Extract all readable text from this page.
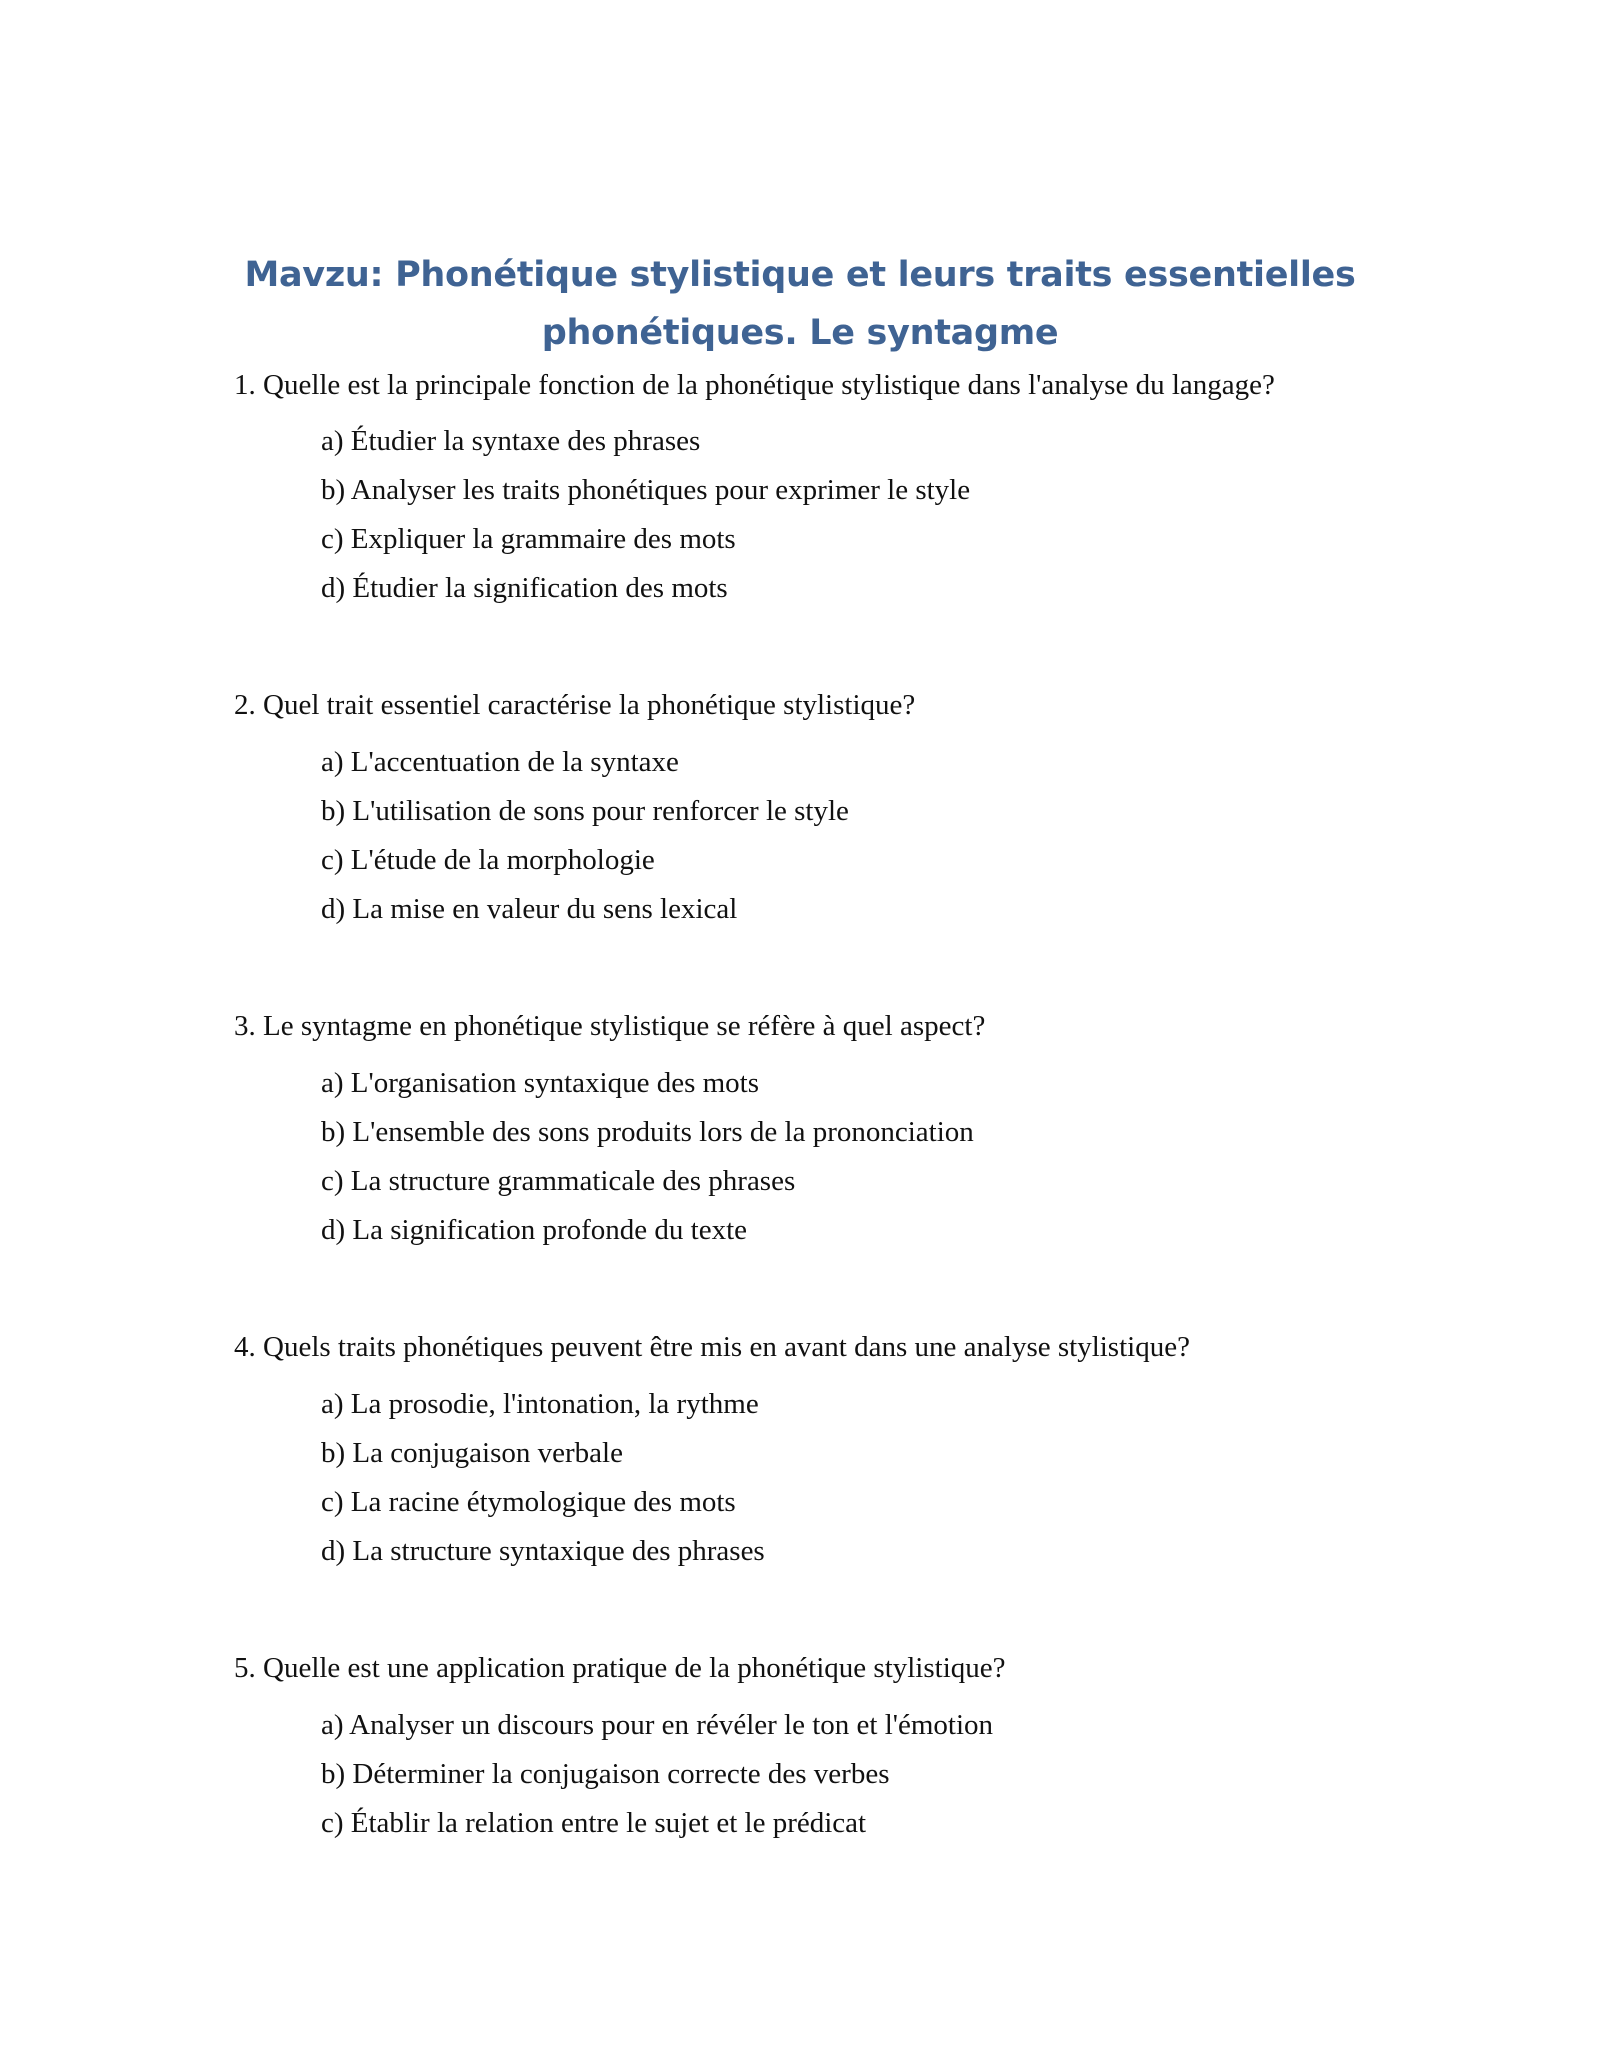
Mavzu: Phonétique stylistique et leurs traits essentielles
phonétiques. Le syntagme
1. Quelle est la principale fonction de la phonétique stylistique dans l'analyse du langage?
a) Étudier la syntaxe des phrases
b) Analyser les traits phonétiques pour exprimer le style
c) Expliquer la grammaire des mots
d) Étudier la signification des mots
2. Quel trait essentiel caractérise la phonétique stylistique?
a) L'accentuation de la syntaxe
b) L'utilisation de sons pour renforcer le style
c) L'étude de la morphologie
d) La mise en valeur du sens lexical
3. Le syntagme en phonétique stylistique se réfère à quel aspect?
a) L'organisation syntaxique des mots
b) L'ensemble des sons produits lors de la prononciation
c) La structure grammaticale des phrases
d) La signification profonde du texte
4. Quels traits phonétiques peuvent être mis en avant dans une analyse stylistique?
a) La prosodie, l'intonation, la rythme
b) La conjugaison verbale
c) La racine étymologique des mots
d) La structure syntaxique des phrases
5. Quelle est une application pratique de la phonétique stylistique?
a) Analyser un discours pour en révéler le ton et l'émotion
b) Déterminer la conjugaison correcte des verbes
c) Établir la relation entre le sujet et le prédicat
